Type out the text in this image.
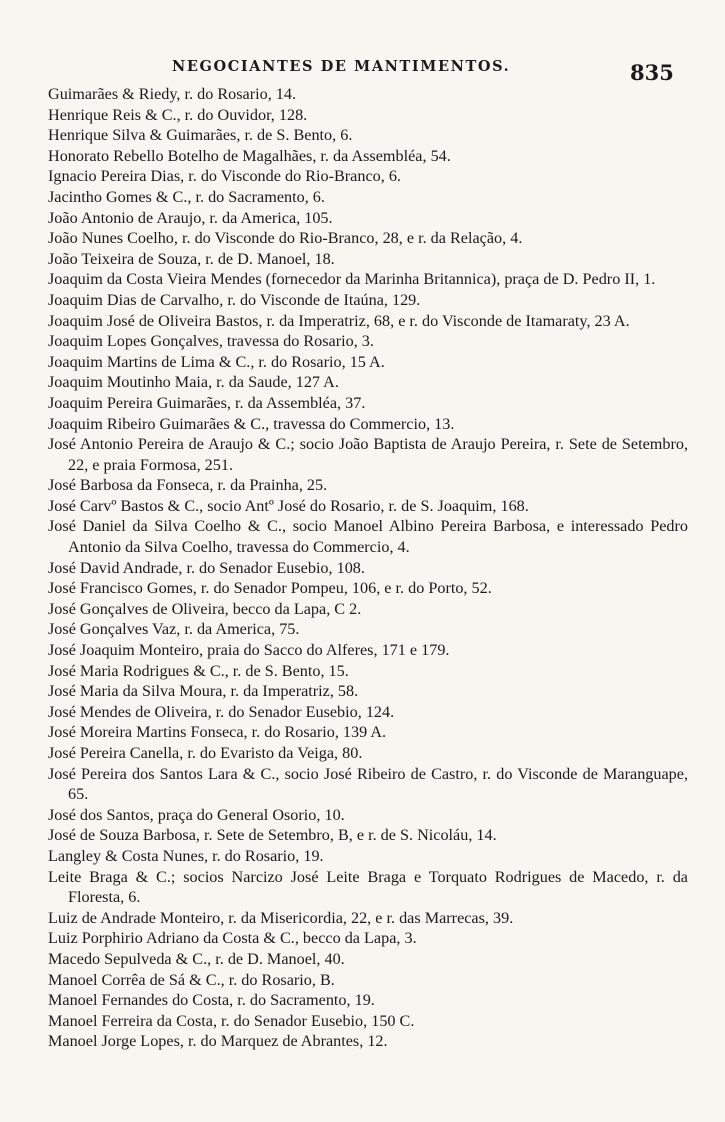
NEGOCIANTES DE MANTIMENTOS.	835
Guimarães & Riedy, r. do Rosario, 14.
Henrique Reis & C., r. do Ouvidor, 128.
Henrique Silva & Guimarães, r. de S. Bento, 6.
Honorato Rebello Botelho de Magalhães, r. da Assembléa, 54.
Ignacio Pereira Dias, r. do Visconde do Rio-Branco, 6.
Jacintho Gomes & C., r. do Sacramento, 6.
João Antonio de Araujo, r. da America, 105.
João Nunes Coelho, r. do Visconde do Rio-Branco, 28, e r. da Relação, 4.
João Teixeira de Souza, r. de D. Manoel, 18.
Joaquim da Costa Vieira Mendes (fornecedor da Marinha Britannica), praça de D. Pedro II, 1.
Joaquim Dias de Carvalho, r. do Visconde de Itaúna, 129.
Joaquim José de Oliveira Bastos, r. da Imperatriz, 68, e r. do Visconde de Itamaraty, 23 A.
Joaquim Lopes Gonçalves, travessa do Rosario, 3.
Joaquim Martins de Lima & C., r. do Rosario, 15 A.
Joaquim Moutinho Maia, r. da Saude, 127 A.
Joaquim Pereira Guimarães, r. da Assembléa, 37.
Joaquim Ribeiro Guimarães & C., travessa do Commercio, 13.
José Antonio Pereira de Araujo & C.; socio João Baptista de Araujo Pereira, r. Sete de Setembro, 22, e praia Formosa, 251.
José Barbosa da Fonseca, r. da Prainha, 25.
José Carvº Bastos & C., socio Antº José do Rosario, r. de S. Joaquim, 168.
José Daniel da Silva Coelho & C., socio Manoel Albino Pereira Barbosa, e interessado Pedro Antonio da Silva Coelho, travessa do Commercio, 4.
José David Andrade, r. do Senador Eusebio, 108.
José Francisco Gomes, r. do Senador Pompeu, 106, e r. do Porto, 52.
José Gonçalves de Oliveira, becco da Lapa, C 2.
José Gonçalves Vaz, r. da America, 75.
José Joaquim Monteiro, praia do Sacco do Alferes, 171 e 179.
José Maria Rodrigues & C., r. de S. Bento, 15.
José Maria da Silva Moura, r. da Imperatriz, 58.
José Mendes de Oliveira, r. do Senador Eusebio, 124.
José Moreira Martins Fonseca, r. do Rosario, 139 A.
José Pereira Canella, r. do Evaristo da Veiga, 80.
José Pereira dos Santos Lara & C., socio José Ribeiro de Castro, r. do Visconde de Maranguape, 65.
José dos Santos, praça do General Osorio, 10.
José de Souza Barbosa, r. Sete de Setembro, B, e r. de S. Nicoláu, 14.
Langley & Costa Nunes, r. do Rosario, 19.
Leite Braga & C.; socios Narcizo José Leite Braga e Torquato Rodrigues de Macedo, r. da Floresta, 6.
Luiz de Andrade Monteiro, r. da Misericordia, 22, e r. das Marrecas, 39.
Luiz Porphirio Adriano da Costa & C., becco da Lapa, 3.
Macedo Sepulveda & C., r. de D. Manoel, 40.
Manoel Corrêa de Sá & C., r. do Rosario, B.
Manoel Fernandes do Costa, r. do Sacramento, 19.
Manoel Ferreira da Costa, r. do Senador Eusebio, 150 C.
Manoel Jorge Lopes, r. do Marquez de Abrantes, 12.
